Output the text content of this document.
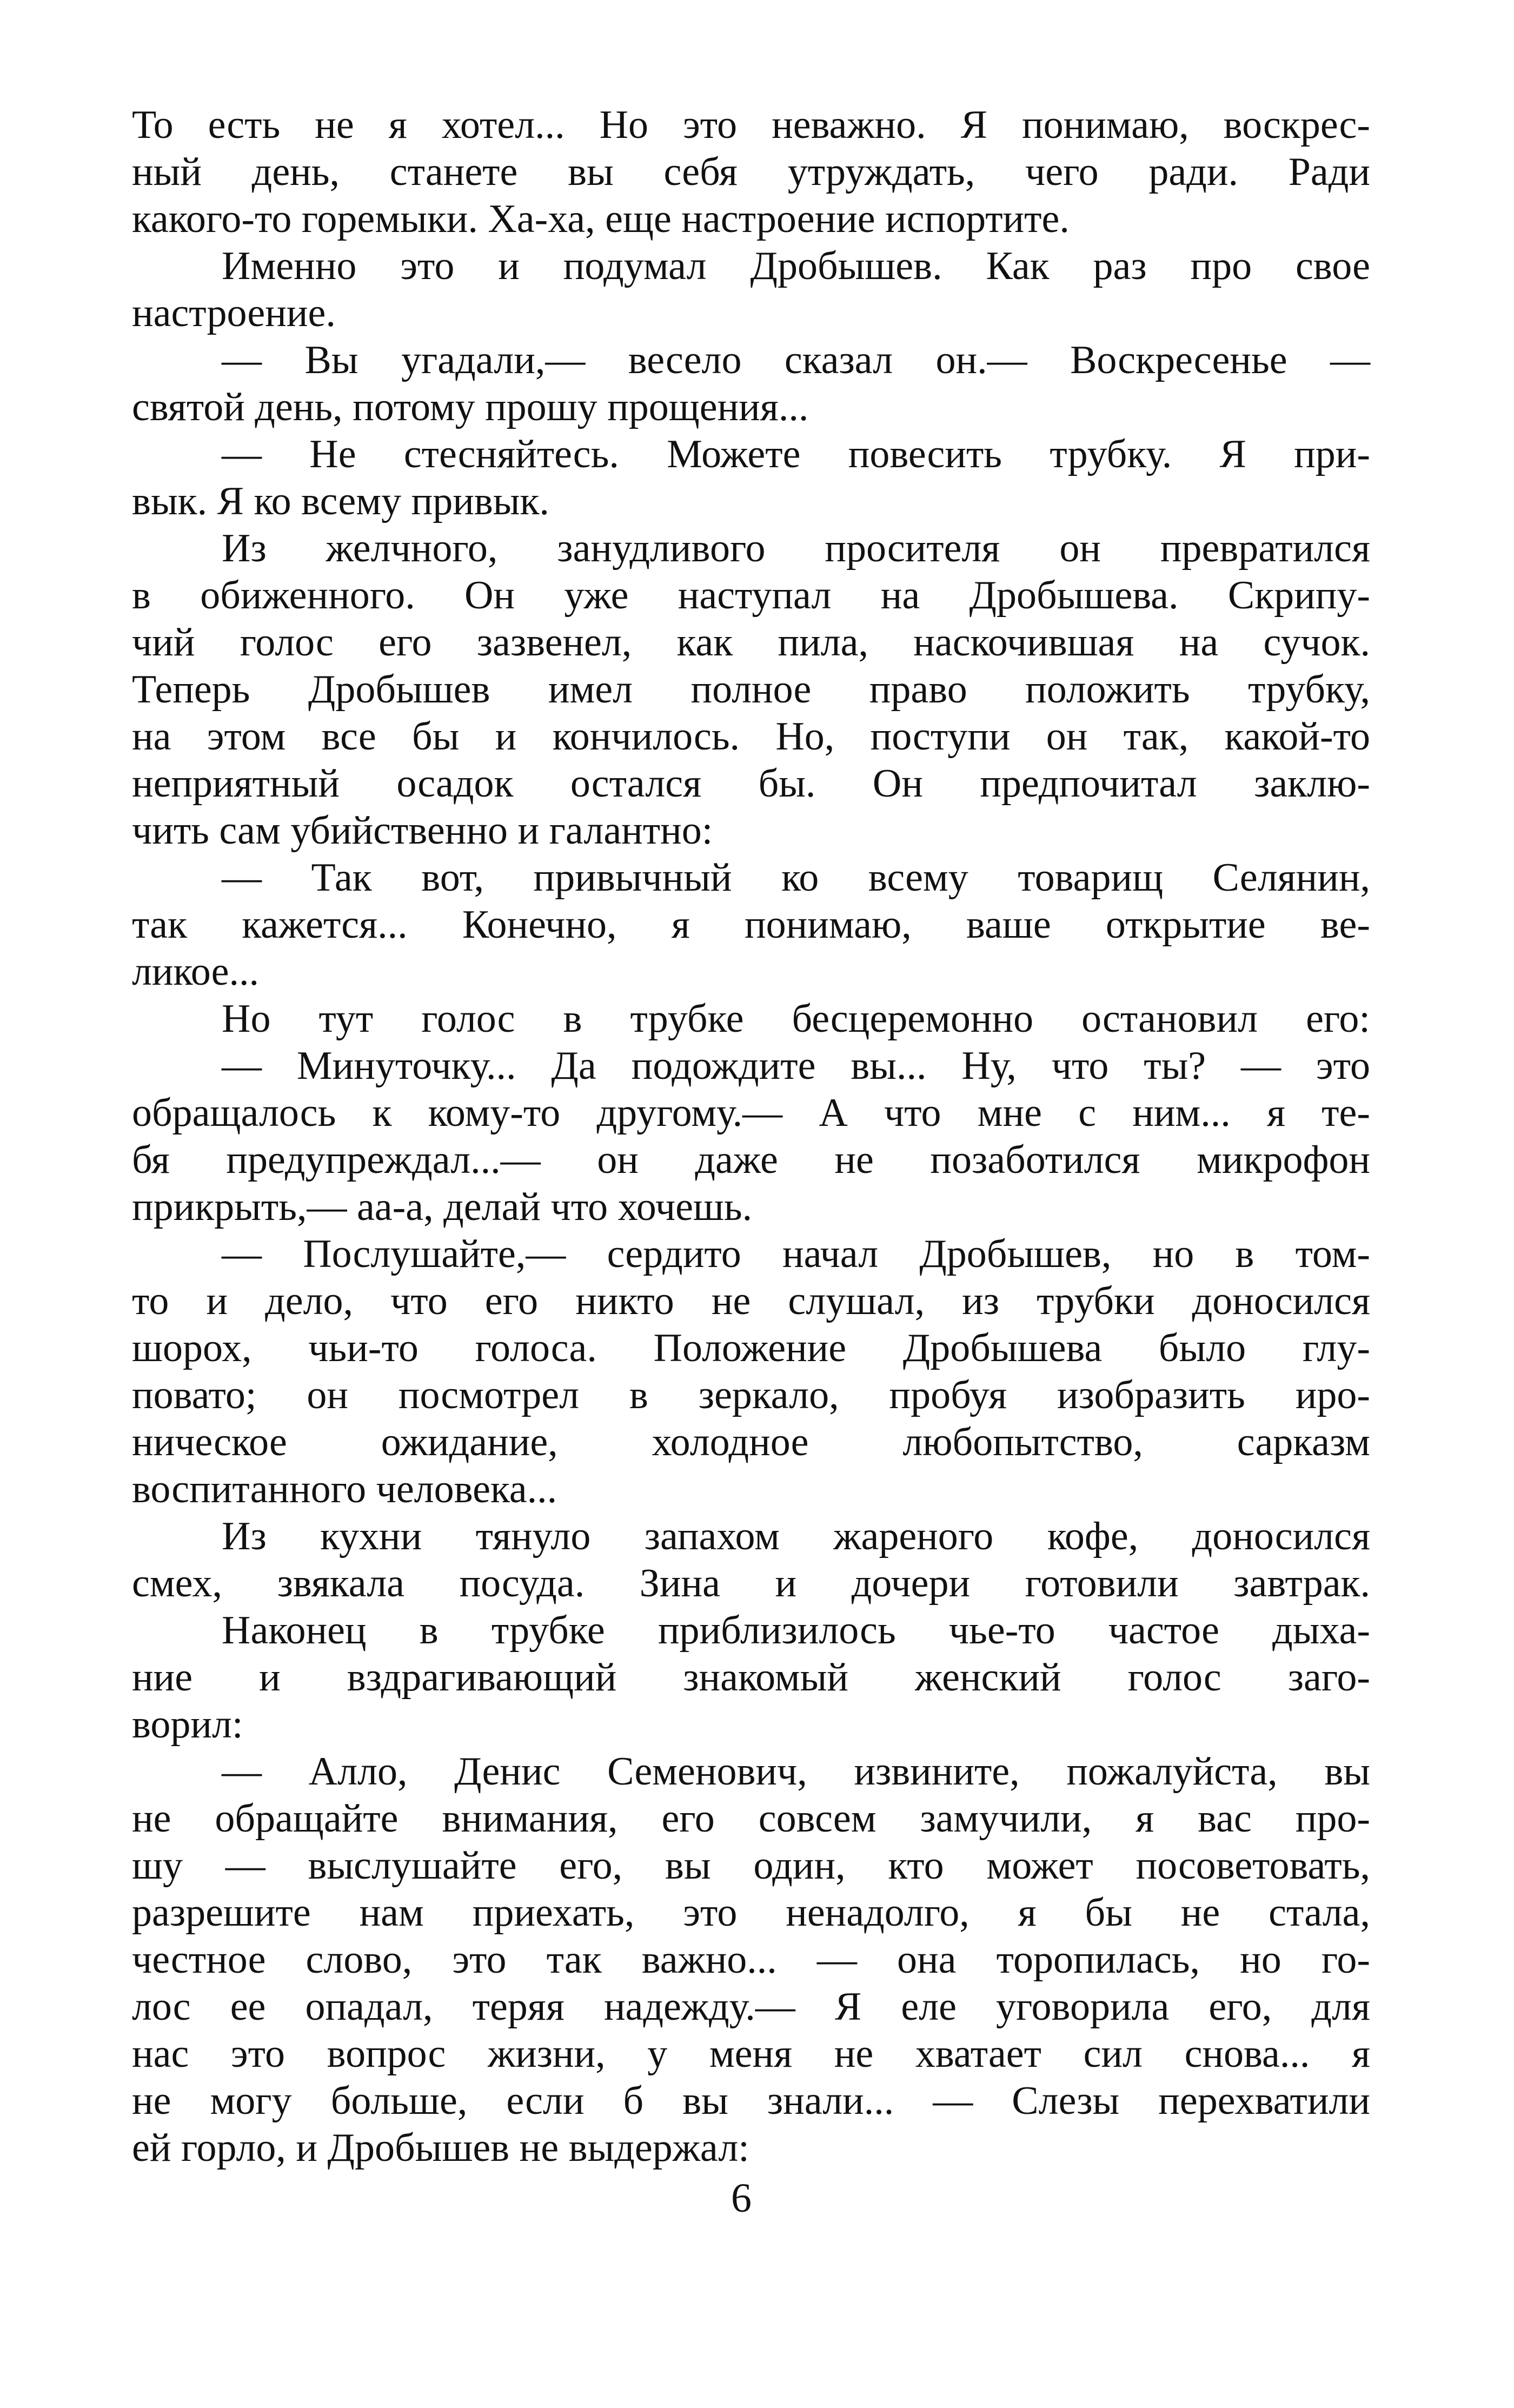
То есть не я хотел... Но это неважно. Я понимаю, воскрес-
ный день, станете вы себя утруждать, чего ради. Ради
какого-то горемыки. Ха-ха, еще настроение испортите.
Именно это и подумал Дробышев. Как раз про свое
настроение.
— Вы угадали,— весело сказал он.— Воскресенье —
святой день, потому прошу прощения...
— Не стесняйтесь. Можете повесить трубку. Я при-
вык. Я ко всему привык.
Из желчного, занудливого просителя он превратился
в обиженного. Он уже наступал на Дробышева. Скрипу-
чий голос его зазвенел, как пила, наскочившая на сучок.
Теперь Дробышев имел полное право положить трубку,
на этом все бы и кончилось. Но, поступи он так, какой-то
неприятный осадок остался бы. Он предпочитал заклю-
чить сам убийственно и галантно:
— Так вот, привычный ко всему товарищ Селянин,
так кажется... Конечно, я понимаю, ваше открытие ве-
ликое...
Но тут голос в трубке бесцеремонно остановил его:
— Минуточку... Да подождите вы... Ну, что ты? — это
обращалось к кому-то другому.— А что мне с ним... я те-
бя предупреждал...— он даже не позаботился микрофон
прикрыть,— аа-а, делай что хочешь.
— Послушайте,— сердито начал Дробышев, но в том-
то и дело, что его никто не слушал, из трубки доносился
шорох, чьи-то голоса. Положение Дробышева было глу-
повато; он посмотрел в зеркало, пробуя изобразить иро-
ническое ожидание, холодное любопытство, сарказм
воспитанного человека...
Из кухни тянуло запахом жареного кофе, доносился
смех, звякала посуда. Зина и дочери готовили завтрак.
Наконец в трубке приблизилось чье-то частое дыха-
ние и вздрагивающий знакомый женский голос заго-
ворил:
— Алло, Денис Семенович, извините, пожалуйста, вы
не обращайте внимания, его совсем замучили, я вас про-
шу — выслушайте его, вы один, кто может посоветовать,
разрешите нам приехать, это ненадолго, я бы не стала,
честное слово, это так важно... — она торопилась, но го-
лос ее опадал, теряя надежду.— Я еле уговорила его, для
нас это вопрос жизни, у меня не хватает сил снова... я
не могу больше, если б вы знали... — Слезы перехватили
ей горло, и Дробышев не выдержал:
6
